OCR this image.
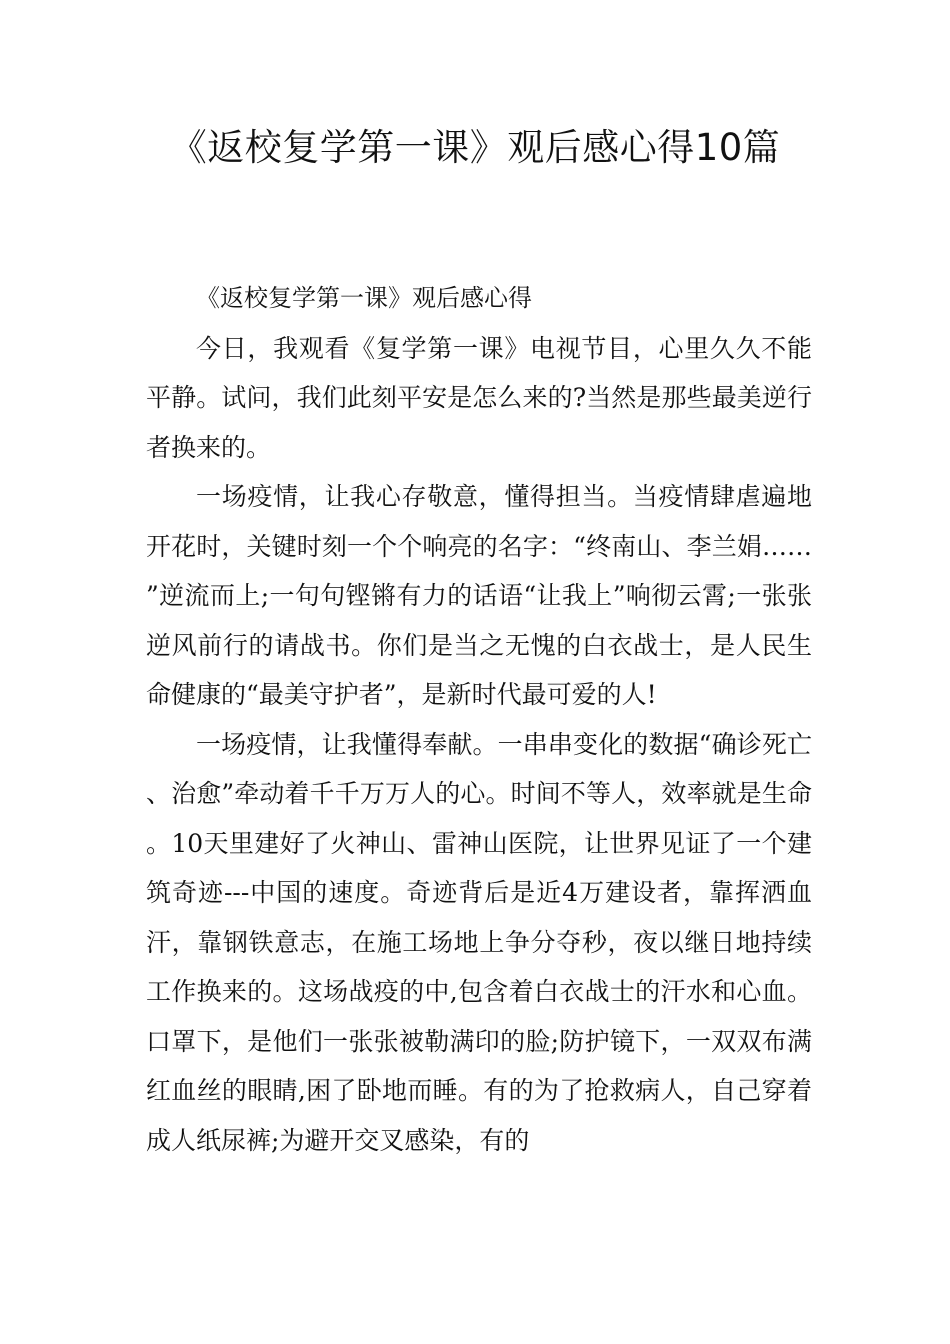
《返校复学第一课》观后感心得10篇

《返校复学第一课》观后感心得

今日，我观看《复学第一课》电视节目，心里久久不能平静。试问，我们此刻平安是怎么来的?当然是那些最美逆行者换来的。

一场疫情，让我心存敬意，懂得担当。当疫情肆虐遍地开花时，关键时刻一个个响亮的名字：“终南山、李兰娟……”逆流而上;一句句铿锵有力的话语“让我上”响彻云霄;一张张逆风前行的请战书。你们是当之无愧的白衣战士，是人民生命健康的“最美守护者”，是新时代最可爱的人!

一场疫情，让我懂得奉献。一串串变化的数据“确诊死亡、治愈”牵动着千千万万人的心。时间不等人，效率就是生命。10天里建好了火神山、雷神山医院，让世界见证了一个建筑奇迹---中国的速度。奇迹背后是近4万建设者，靠挥洒血汗，靠钢铁意志，在施工场地上争分夺秒，夜以继日地持续工作换来的。这场战疫的中,包含着白衣战士的汗水和心血。口罩下，是他们一张张被勒满印的脸;防护镜下，一双双布满红血丝的眼睛,困了卧地而睡。有的为了抢救病人，自己穿着成人纸尿裤;为避开交叉感染，有的
